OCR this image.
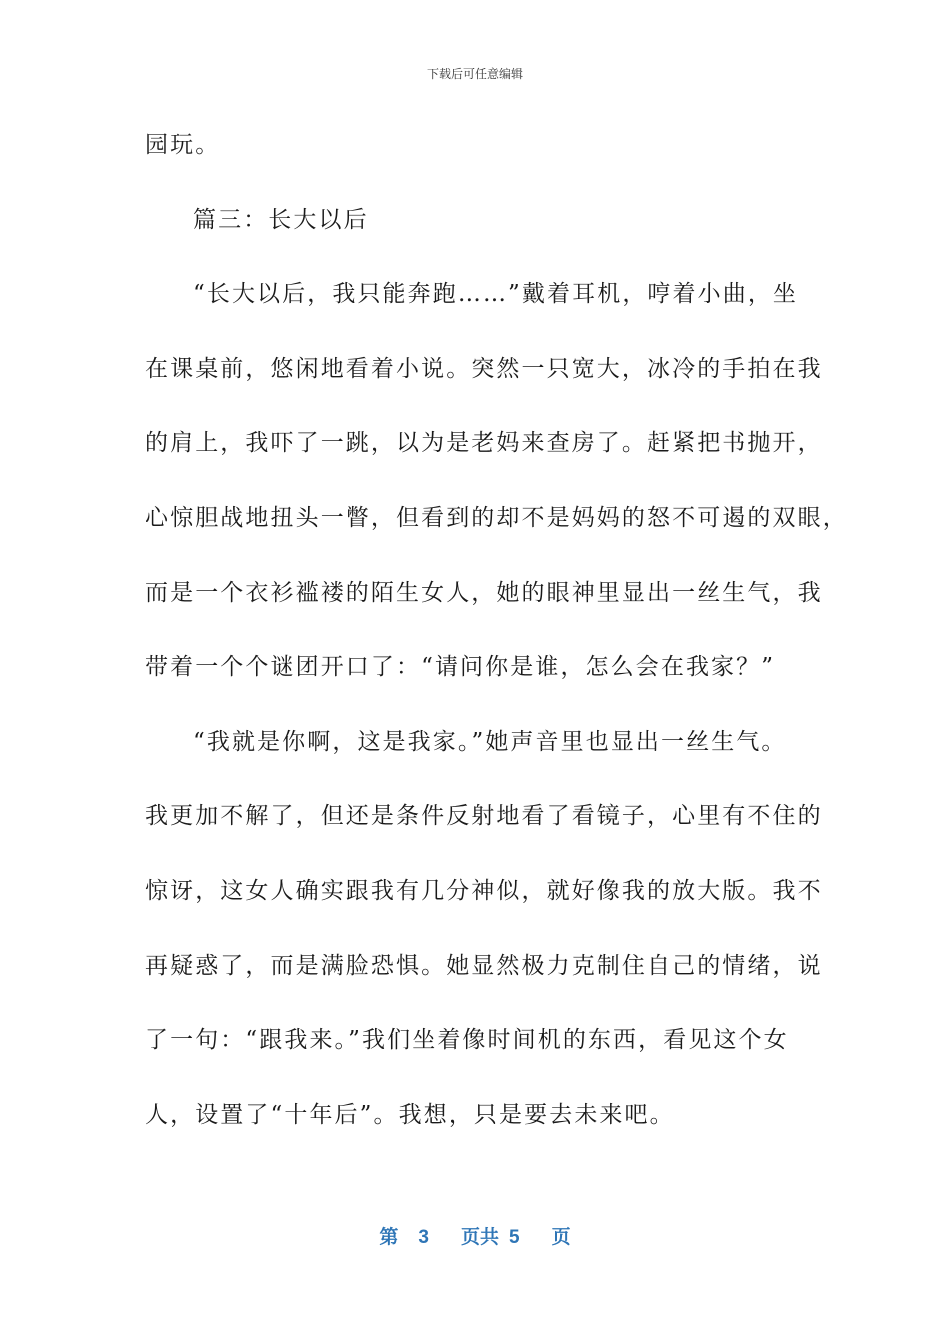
下载后可任意编辑
园玩。
篇三：长大以后
“长大以后，我只能奔跑……”戴着耳机，哼着小曲，坐
在课桌前，悠闲地看着小说。突然一只宽大，冰冷的手拍在我
的肩上，我吓了一跳，以为是老妈来查房了。赶紧把书抛开，
心惊胆战地扭头一瞥，但看到的却不是妈妈的怒不可遏的双眼，
而是一个衣衫褴褛的陌生女人，她的眼神里显出一丝生气，我
带着一个个谜团开口了：“请问你是谁，怎么会在我家？”
“我就是你啊，这是我家。”她声音里也显出一丝生气。
我更加不解了，但还是条件反射地看了看镜子，心里有不住的
惊讶，这女人确实跟我有几分神似，就好像我的放大版。我不
再疑惑了，而是满脸恐惧。她显然极力克制住自己的情绪，说
了一句：“跟我来。”我们坐着像时间机的东西，看见这个女
人，设置了“十年后”。我想，只是要去未来吧。
第 3 页共 5 页
